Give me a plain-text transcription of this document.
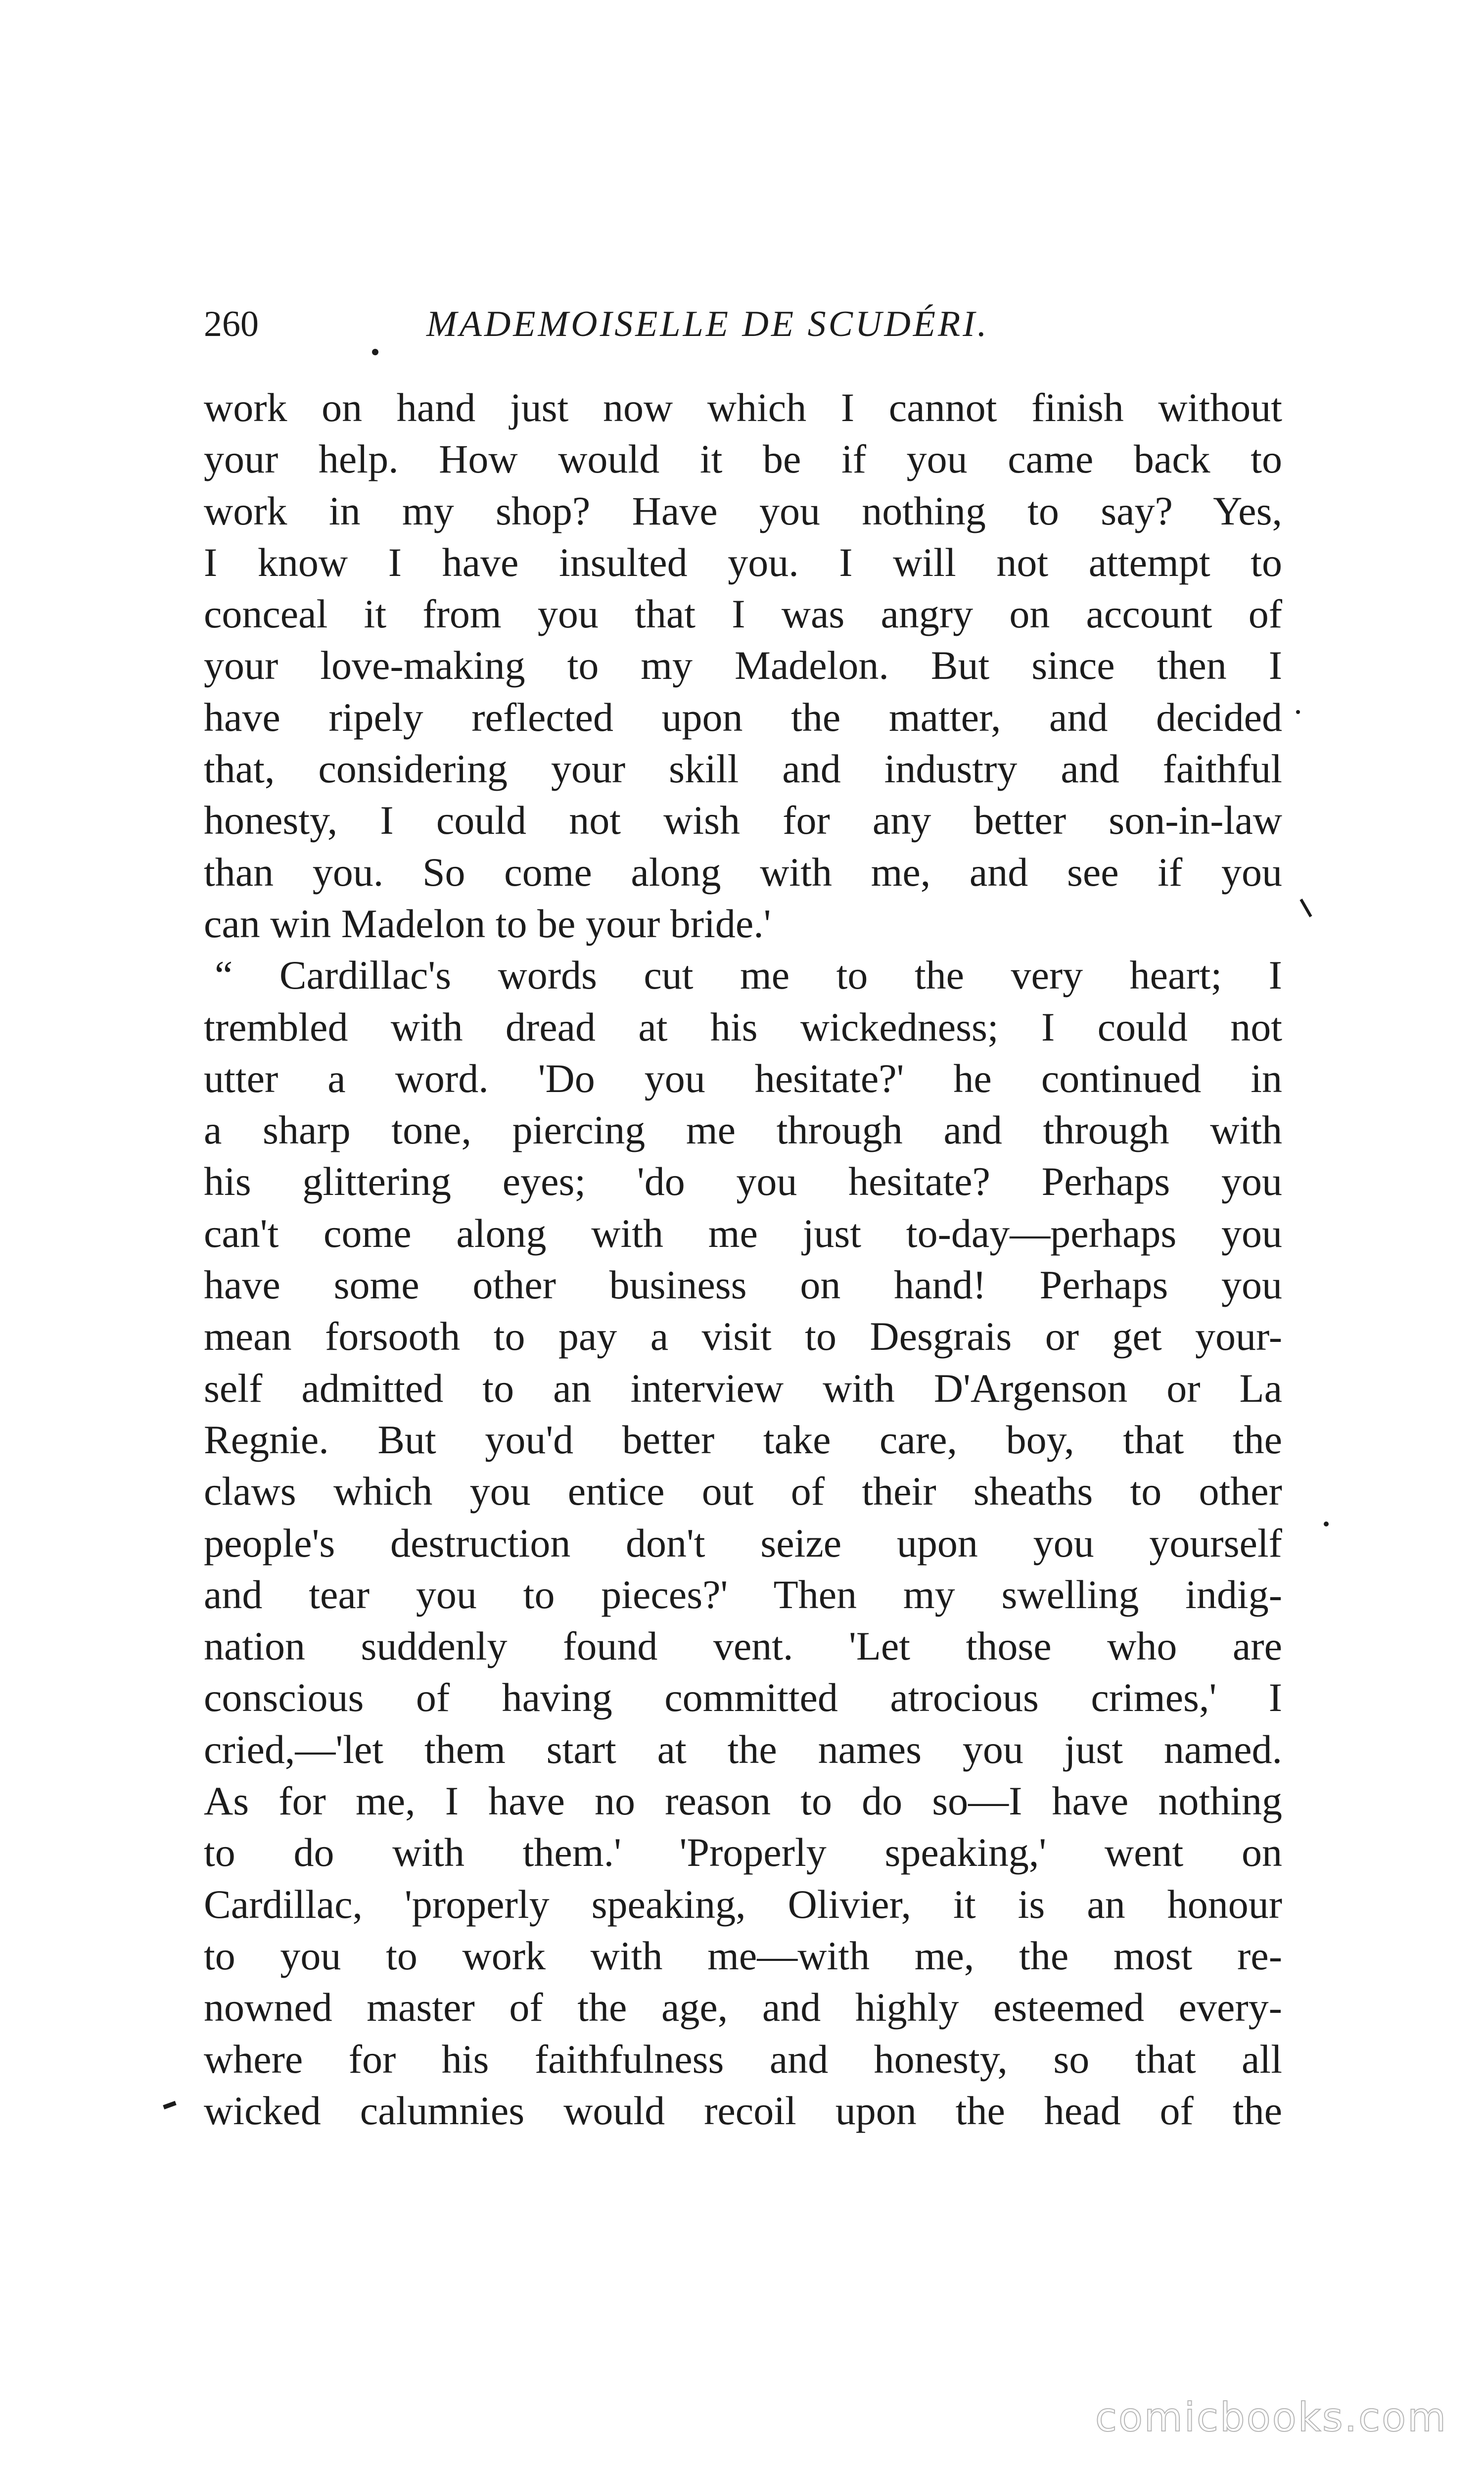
260	MADEMOISELLE DE SCUDÉRI.
work on hand just now which I cannot finish without
your help. How would it be if you came back to
work in my shop? Have you nothing to say? Yes,
I know I have insulted you. I will not attempt to
conceal it from you that I was angry on account of
your love-making to my Madelon. But since then I
have ripely reflected upon the matter, and decided
that, considering your skill and industry and faithful
honesty, I could not wish for any better son-in-law
than you. So come along with me, and see if you
can win Madelon to be your bride.'
“ Cardillac's words cut me to the very heart; I
trembled with dread at his wickedness; I could not
utter a word. 'Do you hesitate?' he continued in
a sharp tone, piercing me through and through with
his glittering eyes; 'do you hesitate? Perhaps you
can't come along with me just to-day—perhaps you
have some other business on hand! Perhaps you
mean forsooth to pay a visit to Desgrais or get your-
self admitted to an interview with D'Argenson or La
Regnie. But you'd better take care, boy, that the
claws which you entice out of their sheaths to other
people's destruction don't seize upon you yourself
and tear you to pieces?' Then my swelling indig-
nation suddenly found vent. 'Let those who are
conscious of having committed atrocious crimes,' I
cried,—'let them start at the names you just named.
As for me, I have no reason to do so—I have nothing
to do with them.' 'Properly speaking,' went on
Cardillac, 'properly speaking, Olivier, it is an honour
to you to work with me—with me, the most re-
nowned master of the age, and highly esteemed every-
where for his faithfulness and honesty, so that all
wicked calumnies would recoil upon the head of the
comicbooks.com
